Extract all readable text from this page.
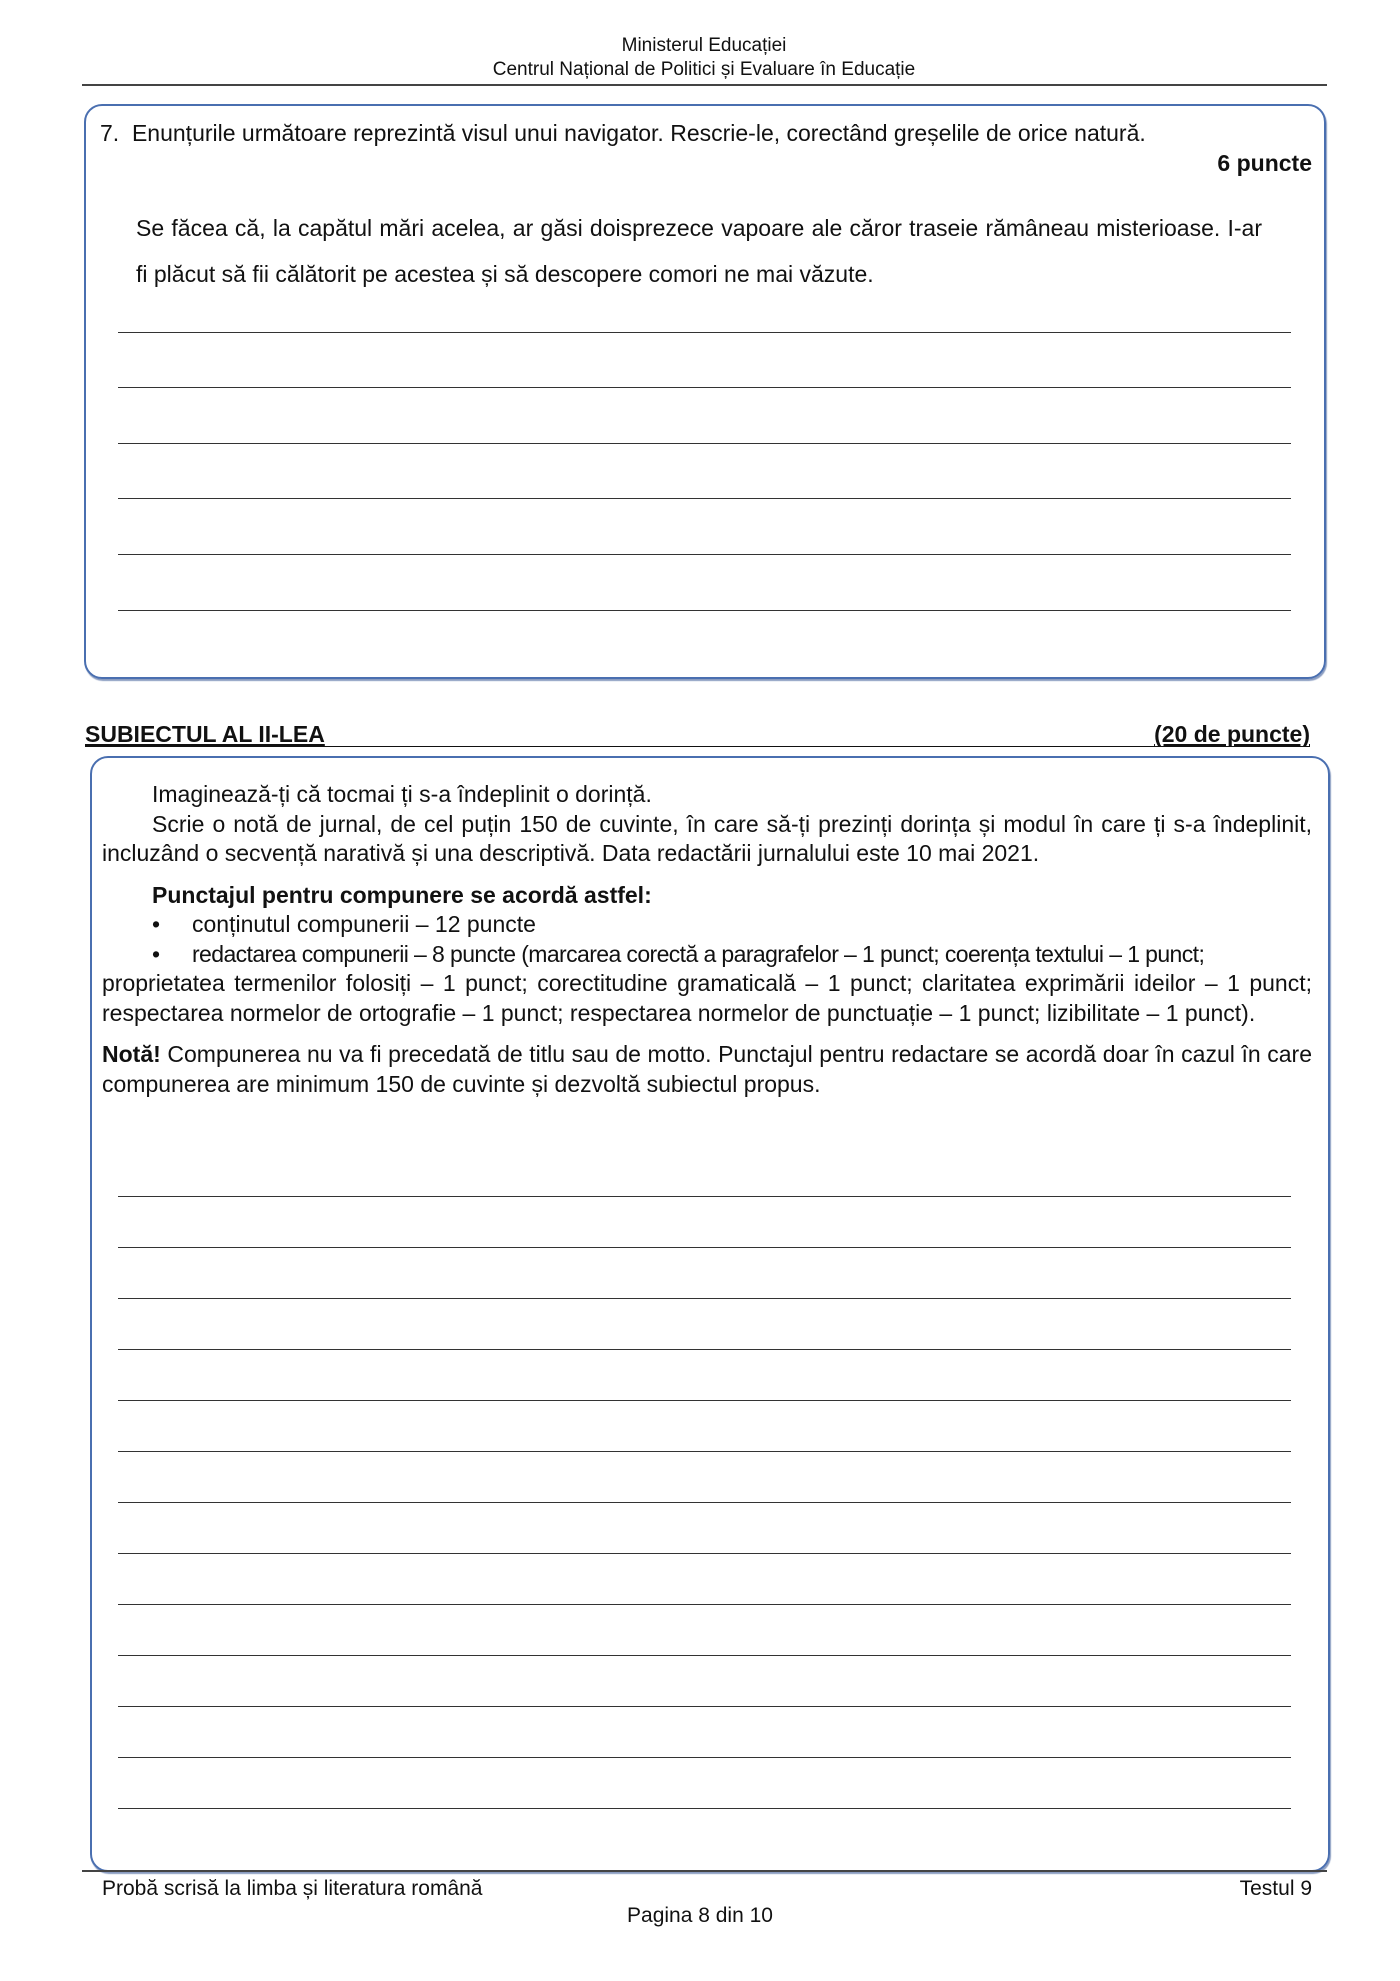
Ministerul Educației
Centrul Național de Politici și Evaluare în Educație
7. Enunțurile următoare reprezintă visul unui navigator. Rescrie-le, corectând greșelile de orice natură.
6 puncte
Se făcea că, la capătul mări acelea, ar găsi doisprezece vapoare ale căror traseie rămâneau misterioase. I-ar fi plăcut să fii călătorit pe acestea și să descopere comori ne mai văzute.
SUBIECTUL AL II-LEA	(20 de puncte)

Imaginează-ți că tocmai ți s-a îndeplinit o dorință.

Scrie o notă de jurnal, de cel puțin 150 de cuvinte, în care să-ți prezinți dorința și modul în care ți s-a îndeplinit, incluzând o secvență narativă și una descriptivă. Data redactării jurnalului este 10 mai 2021.

Punctajul pentru compunere se acordă astfel:

• conținutul compunerii – 12 puncte

• redactarea compunerii – 8 puncte (marcarea corectă a paragrafelor – 1 punct; coerența textului – 1 punct;

proprietatea termenilor folosiți – 1 punct; corectitudine gramaticală – 1 punct; claritatea exprimării ideilor – 1 punct; respectarea normelor de ortografie – 1 punct; respectarea normelor de punctuație – 1 punct; lizibilitate – 1 punct).

Notă! Compunerea nu va fi precedată de titlu sau de motto. Punctajul pentru redactare se acordă doar în cazul în care compunerea are minimum 150 de cuvinte și dezvoltă subiectul propus.

Probă scrisă la limba și literatura română	Testul 9
Pagina 8 din 10
